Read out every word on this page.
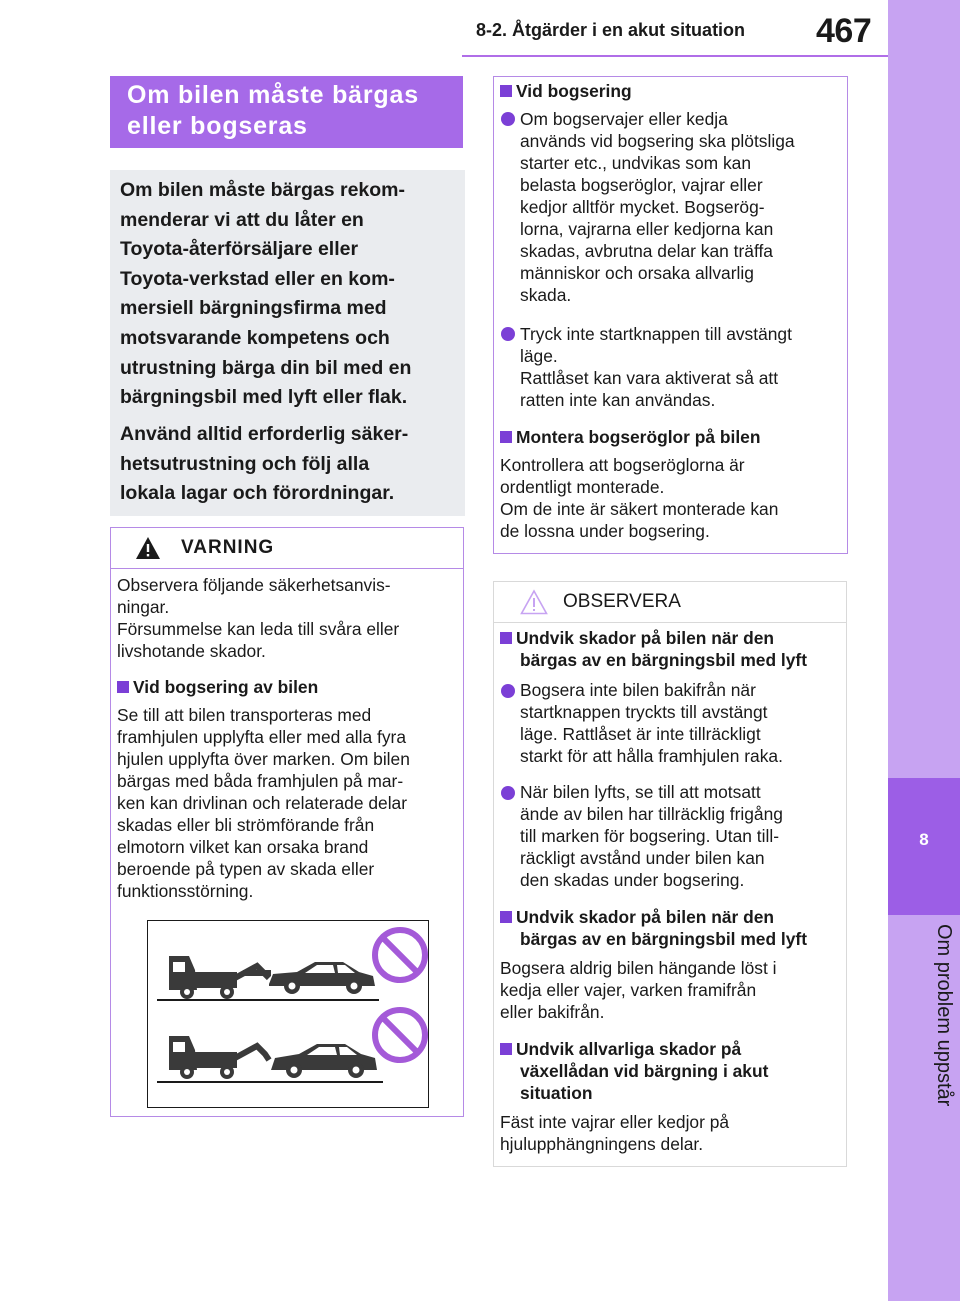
8-2. Åtgärder i en akut situation 467
8
Om problem uppstår
Om bilen måste bärgas
eller bogseras
Om bilen måste bärgas rekom-
menderar vi att du låter en
Toyota-återförsäljare eller
Toyota-verkstad eller en kom-
mersiell bärgningsfirma med
motsvarande kompetens och
utrustning bärga din bil med en
bärgningsbil med lyft eller flak.
Använd alltid erforderlig säker-
hetsutrustning och följ alla
lokala lagar och förordningar.
VARNING
Observera följande säkerhetsanvis-
ningar.
Försummelse kan leda till svåra eller
livshotande skador.
Vid bogsering av bilen
Se till att bilen transporteras med
framhjulen upplyfta eller med alla fyra
hjulen upplyfta över marken. Om bilen
bärgas med båda framhjulen på mar-
ken kan drivlinan och relaterade delar
skadas eller bli strömförande från
elmotorn vilket kan orsaka brand
beroende på typen av skada eller
funktionsstörning.
Vid bogsering
Om bogservajer eller kedja
används vid bogsering ska plötsliga
starter etc., undvikas som kan
belasta bogseröglor, vajrar eller
kedjor alltför mycket. Bogserög-
lorna, vajrarna eller kedjorna kan
skadas, avbrutna delar kan träffa
människor och orsaka allvarlig
skada.
Tryck inte startknappen till avstängt
läge.
Rattlåset kan vara aktiverat så att
ratten inte kan användas.
Montera bogseröglor på bilen
Kontrollera att bogseröglorna är
ordentligt monterade.
Om de inte är säkert monterade kan
de lossna under bogsering.
OBSERVERA
Undvik skador på bilen när den
bärgas av en bärgningsbil med lyft
Bogsera inte bilen bakifrån när
startknappen tryckts till avstängt
läge. Rattlåset är inte tillräckligt
starkt för att hålla framhjulen raka.
När bilen lyfts, se till att motsatt
ände av bilen har tillräcklig frigång
till marken för bogsering. Utan till-
räckligt avstånd under bilen kan
den skadas under bogsering.
Undvik skador på bilen när den
bärgas av en bärgningsbil med lyft
Bogsera aldrig bilen hängande löst i
kedja eller vajer, varken framifrån
eller bakifrån.
Undvik allvarliga skador på
växellådan vid bärgning i akut
situation
Fäst inte vajrar eller kedjor på
hjulupphängningens delar.
